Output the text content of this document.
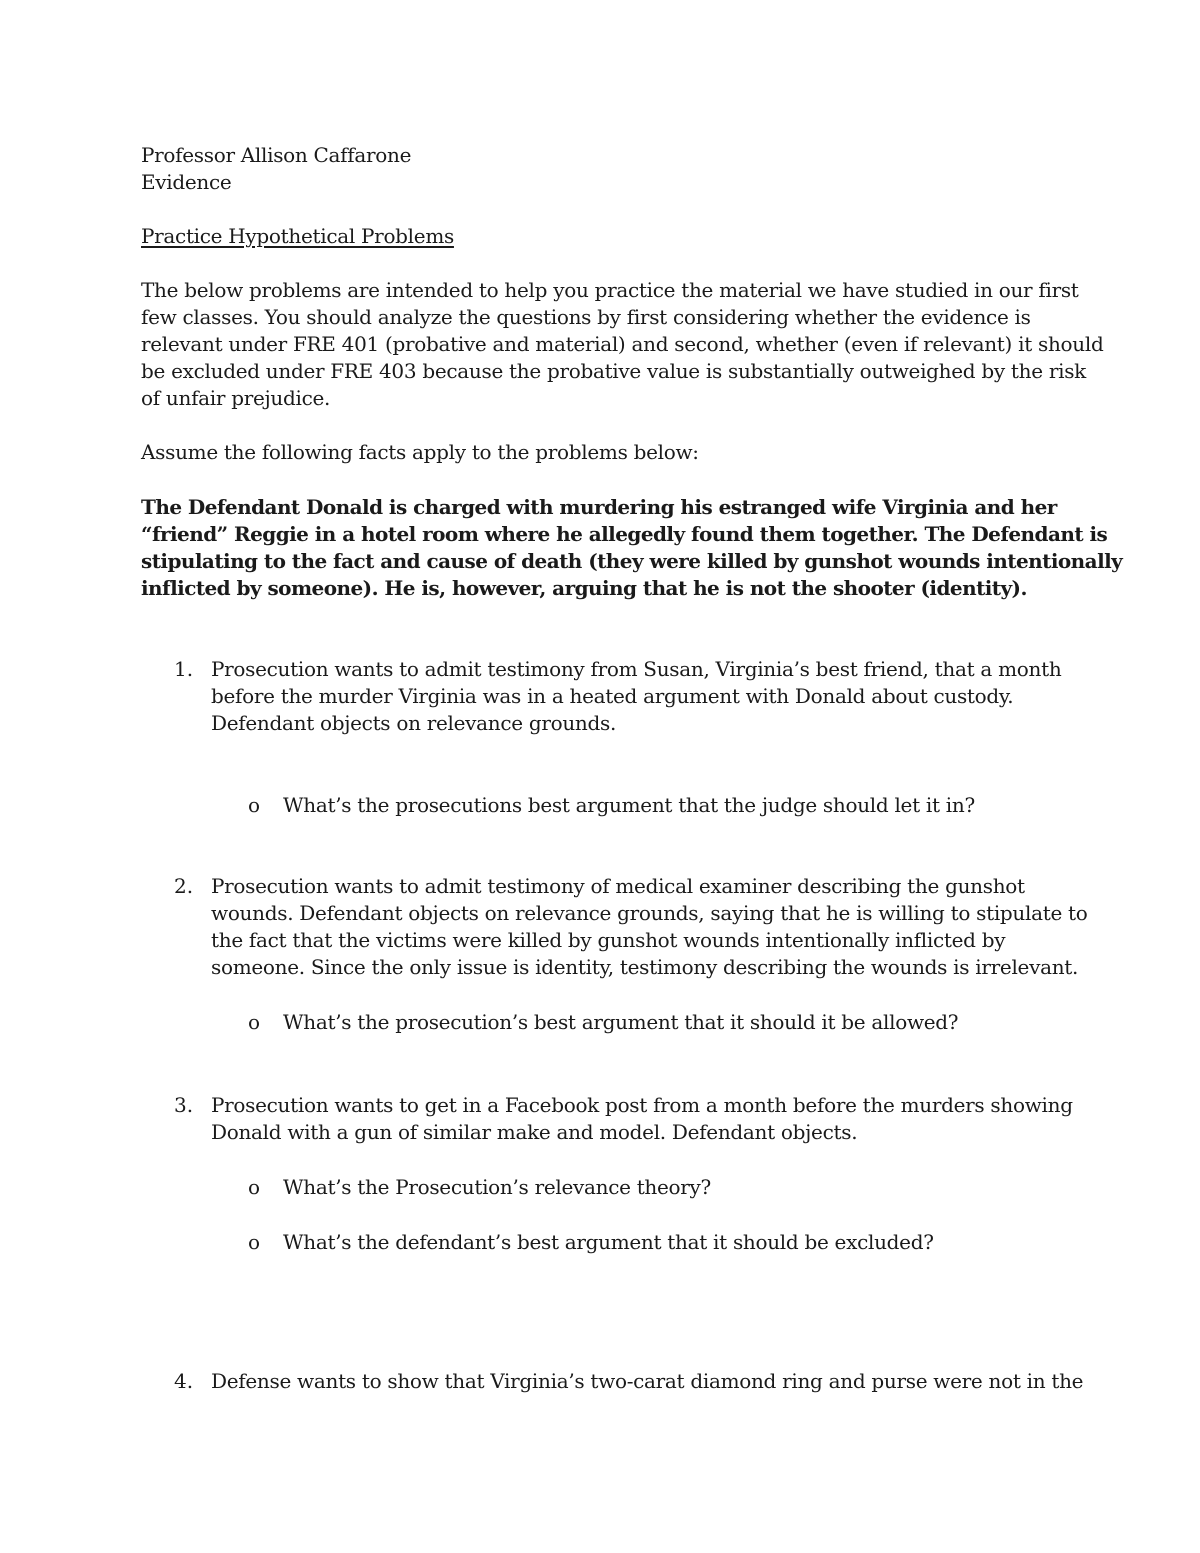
Professor Allison Caffarone
Evidence
Practice Hypothetical Problems
The below problems are intended to help you practice the material we have studied in our first
few classes. You should analyze the questions by first considering whether the evidence is
relevant under FRE 401 (probative and material) and second, whether (even if relevant) it should
be excluded under FRE 403 because the probative value is substantially outweighed by the risk
of unfair prejudice.
Assume the following facts apply to the problems below:
The Defendant Donald is charged with murdering his estranged wife Virginia and her
“friend” Reggie in a hotel room where he allegedly found them together. The Defendant is
stipulating to the fact and cause of death (they were killed by gunshot wounds intentionally
inflicted by someone). He is, however, arguing that he is not the shooter (identity).
1. Prosecution wants to admit testimony from Susan, Virginia’s best friend, that a month
before the murder Virginia was in a heated argument with Donald about custody.
Defendant objects on relevance grounds.
o What’s the prosecutions best argument that the judge should let it in?
2. Prosecution wants to admit testimony of medical examiner describing the gunshot
wounds. Defendant objects on relevance grounds, saying that he is willing to stipulate to
the fact that the victims were killed by gunshot wounds intentionally inflicted by
someone. Since the only issue is identity, testimony describing the wounds is irrelevant.
o What’s the prosecution’s best argument that it should it be allowed?
3. Prosecution wants to get in a Facebook post from a month before the murders showing
Donald with a gun of similar make and model. Defendant objects.
o What’s the Prosecution’s relevance theory?
o What’s the defendant’s best argument that it should be excluded?
4. Defense wants to show that Virginia’s two-carat diamond ring and purse were not in the
